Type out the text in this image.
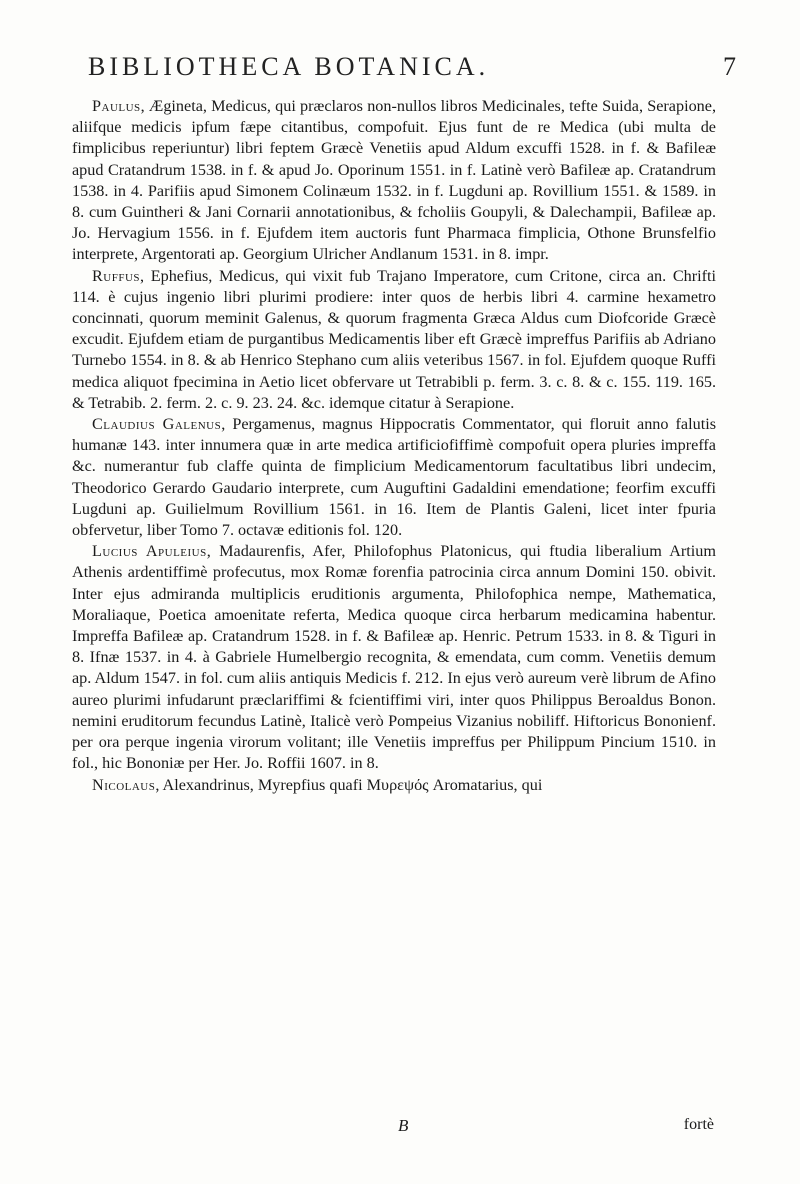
BIBLIOTHECA BOTANICA.	7

Paulus, Ægineta, Medicus, qui præclaros non-nullos libros Medicinales, tefte Suida, Serapione, aliifque medicis ipfum fæpe citantibus, compofuit. Ejus funt de re Medica (ubi multa de fimplicibus reperiuntur) libri feptem Græcè Venetiis apud Aldum excuffi 1528. in f. & Bafileæ apud Cratandrum 1538. in f. & apud Jo. Oporinum 1551. in f. Latinè verò Bafileæ ap. Cratandrum 1538. in 4. Parifiis apud Simonem Colinæum 1532. in f. Lugduni ap. Rovillium 1551. & 1589. in 8. cum Guintheri & Jani Cornarii annotationibus, & fcholiis Goupyli, & Dalechampii, Bafileæ ap. Jo. Hervagium 1556. in f. Ejufdem item auctoris funt Pharmaca fimplicia, Othone Brunsfelfio interprete, Argentorati ap. Georgium Ulricher Andlanum 1531. in 8. impr.

Ruffus, Ephefius, Medicus, qui vixit fub Trajano Imperatore, cum Critone, circa an. Chrifti 114. è cujus ingenio libri plurimi prodiere: inter quos de herbis libri 4. carmine hexametro concinnati, quorum meminit Galenus, & quorum fragmenta Græca Aldus cum Diofcoride Græcè excudit. Ejufdem etiam de purgantibus Medicamentis liber eft Græcè impreffus Parifiis ab Adriano Turnebo 1554. in 8. & ab Henrico Stephano cum aliis veteribus 1567. in fol. Ejufdem quoque Ruffi medica aliquot fpecimina in Aetio licet obfervare ut Tetrabibli p. ferm. 3. c. 8. & c. 155. 119. 165. & Tetrabib. 2. ferm. 2. c. 9. 23. 24. &c. idemque citatur à Serapione.

Claudius Galenus, Pergamenus, magnus Hippocratis Commentator, qui floruit anno falutis humanæ 143. inter innumera quæ in arte medica artificiofiffimè compofuit opera pluries impreffa &c. numerantur fub claffe quinta de fimplicium Medicamentorum facultatibus libri undecim, Theodorico Gerardo Gaudario interprete, cum Auguftini Gadaldini emendatione; feorfim excuffi Lugduni ap. Guilielmum Rovillium 1561. in 16. Item de Plantis Galeni, licet inter fpuria obfervetur, liber Tomo 7. octavæ editionis fol. 120.

Lucius Apuleius, Madaurenfis, Afer, Philofophus Platonicus, qui ftudia liberalium Artium Athenis ardentiffimè profecutus, mox Romæ forenfia patrocinia circa annum Domini 150. obivit. Inter ejus admiranda multiplicis eruditionis argumenta, Philofophica nempe, Mathematica, Moraliaque, Poetica amoenitate referta, Medica quoque circa herbarum medicamina habentur. Impreffa Bafileæ ap. Cratandrum 1528. in f. & Bafileæ ap. Henric. Petrum 1533. in 8. & Tiguri in 8. Ifnæ 1537. in 4. à Gabriele Humelbergio recognita, & emendata, cum comm. Venetiis demum ap. Aldum 1547. in fol. cum aliis antiquis Medicis f. 212. In ejus verò aureum verè librum de Afino aureo plurimi infudarunt præclariffimi & fcientiffimi viri, inter quos Philippus Beroaldus Bonon. nemini eruditorum fecundus Latinè, Italicè verò Pompeius Vizanius nobiliff. Hiftoricus Bononienf. per ora perque ingenia virorum volitant; ille Venetiis impreffus per Philippum Pincium 1510. in fol., hic Bononiæ per Her. Jo. Roffii 1607. in 8.

Nicolaus, Alexandrinus, Myrepfius quafi Μυρεψός Aromatarius, qui

B	fortè
